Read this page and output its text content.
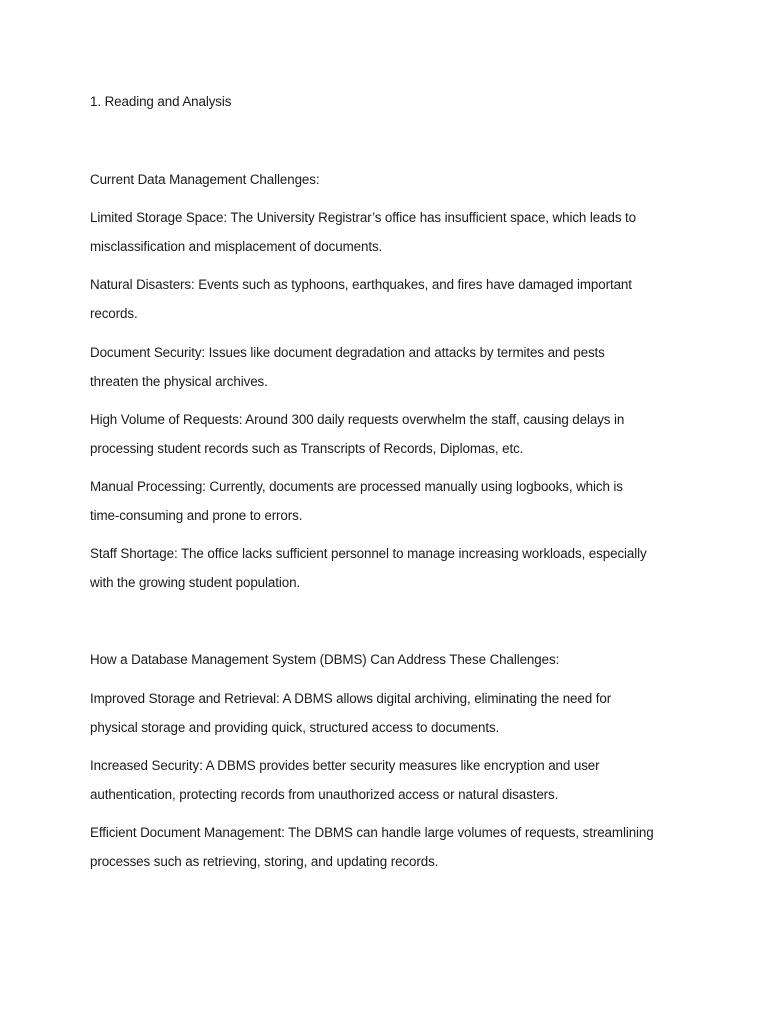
1. Reading and Analysis
Current Data Management Challenges:
Limited Storage Space: The University Registrar’s office has insufficient space, which leads to
misclassification and misplacement of documents.
Natural Disasters: Events such as typhoons, earthquakes, and fires have damaged important
records.
Document Security: Issues like document degradation and attacks by termites and pests
threaten the physical archives.
High Volume of Requests: Around 300 daily requests overwhelm the staff, causing delays in
processing student records such as Transcripts of Records, Diplomas, etc.
Manual Processing: Currently, documents are processed manually using logbooks, which is
time-consuming and prone to errors.
Staff Shortage: The office lacks sufficient personnel to manage increasing workloads, especially
with the growing student population.
How a Database Management System (DBMS) Can Address These Challenges:
Improved Storage and Retrieval: A DBMS allows digital archiving, eliminating the need for
physical storage and providing quick, structured access to documents.
Increased Security: A DBMS provides better security measures like encryption and user
authentication, protecting records from unauthorized access or natural disasters.
Efficient Document Management: The DBMS can handle large volumes of requests, streamlining
processes such as retrieving, storing, and updating records.
